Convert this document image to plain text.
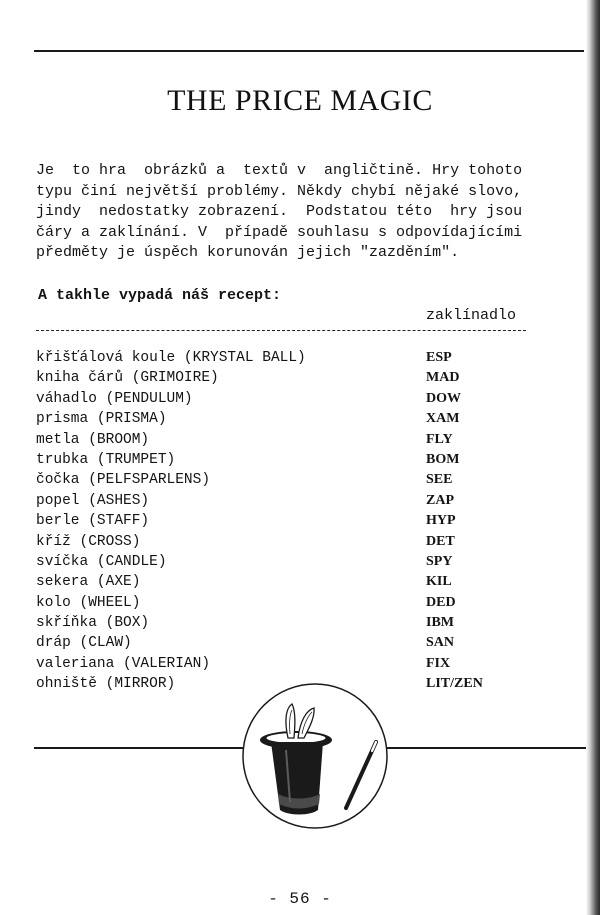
THE PRICE MAGIC
Je  to hra  obrázků a  textů v  angličtině. Hry tohoto
typu činí největší problémy. Někdy chybí nějaké slovo,
jindy  nedostatky zobrazení.  Podstatou této  hry jsou
čáry a zaklínání. V  případě souhlasu s odpovídajícími
předměty je úspěch korunován jejich "zazděním".
A takhle vypadá náš recept:
zaklínadlo
křišťálová koule (KRYSTAL BALL)	ESP
kniha čárů (GRIMOIRE)	MAD
váhadlo (PENDULUM)	DOW
prisma (PRISMA)	XAM
metla (BROOM)	FLY
trubka (TRUMPET)	BOM
čočka (PELFSPARLENS)	SEE
popel (ASHES)	ZAP
berle (STAFF)	HYP
kříž (CROSS)	DET
svíčka (CANDLE)	SPY
sekera (AXE)	KIL
kolo (WHEEL)	DED
skříňka (BOX)	IBM
dráp (CLAW)	SAN
valeriana (VALERIAN)	FIX
ohniště (MIRROR)	LIT/ZEN
- 56 -
